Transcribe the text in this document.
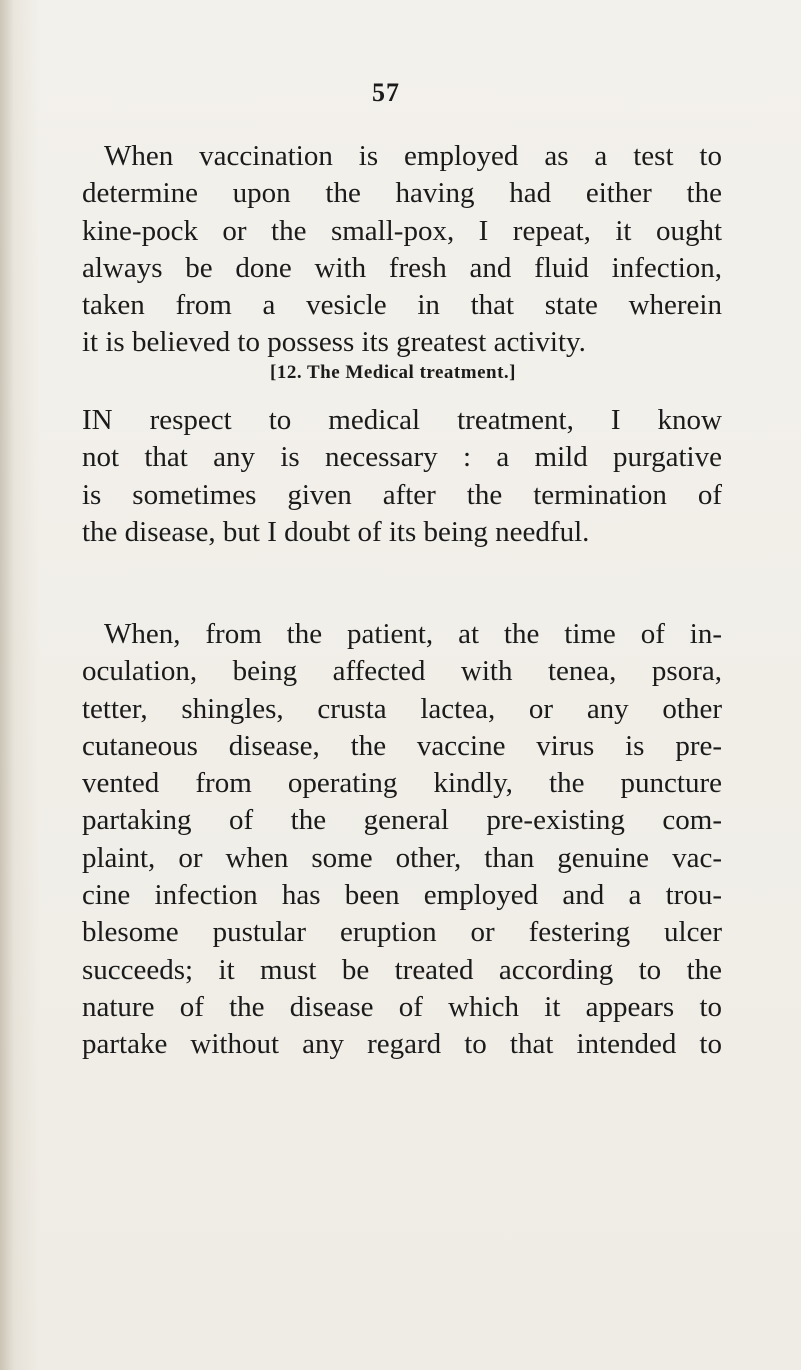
57
When vaccination is employed as a test to
determine upon the having had either the
kine-pock or the small-pox, I repeat, it ought
always be done with fresh and fluid infection,
taken from a vesicle in that state wherein
it is believed to possess its greatest activity.
[12. The Medical treatment.]
IN respect to medical treatment, I know
not that any is necessary : a mild purgative
is sometimes given after the termination of
the disease, but I doubt of its being needful.
When, from the patient, at the time of in-
oculation, being affected with tenea, psora,
tetter, shingles, crusta lactea, or any other
cutaneous disease, the vaccine virus is pre-
vented from operating kindly, the puncture
partaking of the general pre-existing com-
plaint, or when some other, than genuine vac-
cine infection has been employed and a trou-
blesome pustular eruption or festering ulcer
succeeds; it must be treated according to the
nature of the disease of which it appears to
partake without any regard to that intended to
